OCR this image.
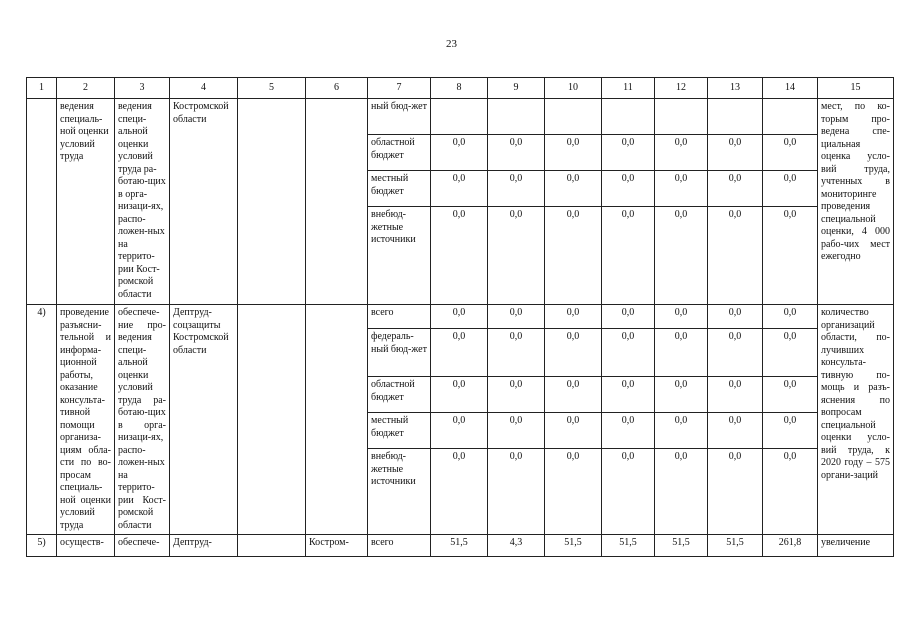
23
1	2	3	4	5	6	7	8	9	10	11	12	13	14	15
	ведения специаль-ной оценки условий труда	ведения специ-альной оценки условий труда ра-ботаю-щих в орга-низаци-ях, распо-ложен-ных на террито-рии Кост-ромской области	Костромской области			ный бюд-жет								мест, по ко-торым про-ведена спе-циальная оценка усло-вий труда, учтенных в мониторинге проведения специальной оценки, 4 000 рабо-чих мест ежегодно
						областной бюджет	0,0	0,0	0,0	0,0	0,0	0,0	0,0	
						местный бюджет	0,0	0,0	0,0	0,0	0,0	0,0	0,0	
						внебюд-жетные источники	0,0	0,0	0,0	0,0	0,0	0,0	0,0	
4)	проведение разъясни-тельной и информа-ционной работы, оказание консульта-тивной помощи организа-циям обла-сти по во-просам специаль-ной оценки условий труда	обеспече-ние про-ведения специ-альной оценки условий труда ра-ботаю-щих в орга-низаци-ях, распо-ложен-ных на террито-рии Кост-ромской области	Дептруд-соцзащиты Костромской области			всего	0,0	0,0	0,0	0,0	0,0	0,0	0,0	количество организаций области, по-лучивших консульта-тивную по-мощь и разъ-яснения по вопросам специальной оценки усло-вий труда, к 2020 году – 575 органи-заций
						федераль-ный бюд-жет	0,0	0,0	0,0	0,0	0,0	0,0	0,0	
						областной бюджет	0,0	0,0	0,0	0,0	0,0	0,0	0,0	
						местный бюджет	0,0	0,0	0,0	0,0	0,0	0,0	0,0	
						внебюд-жетные источники	0,0	0,0	0,0	0,0	0,0	0,0	0,0	
5)	осуществ-	обеспече-	Дептруд-		Костром-	всего	51,5	4,3	51,5	51,5	51,5	51,5	261,8	увеличение
